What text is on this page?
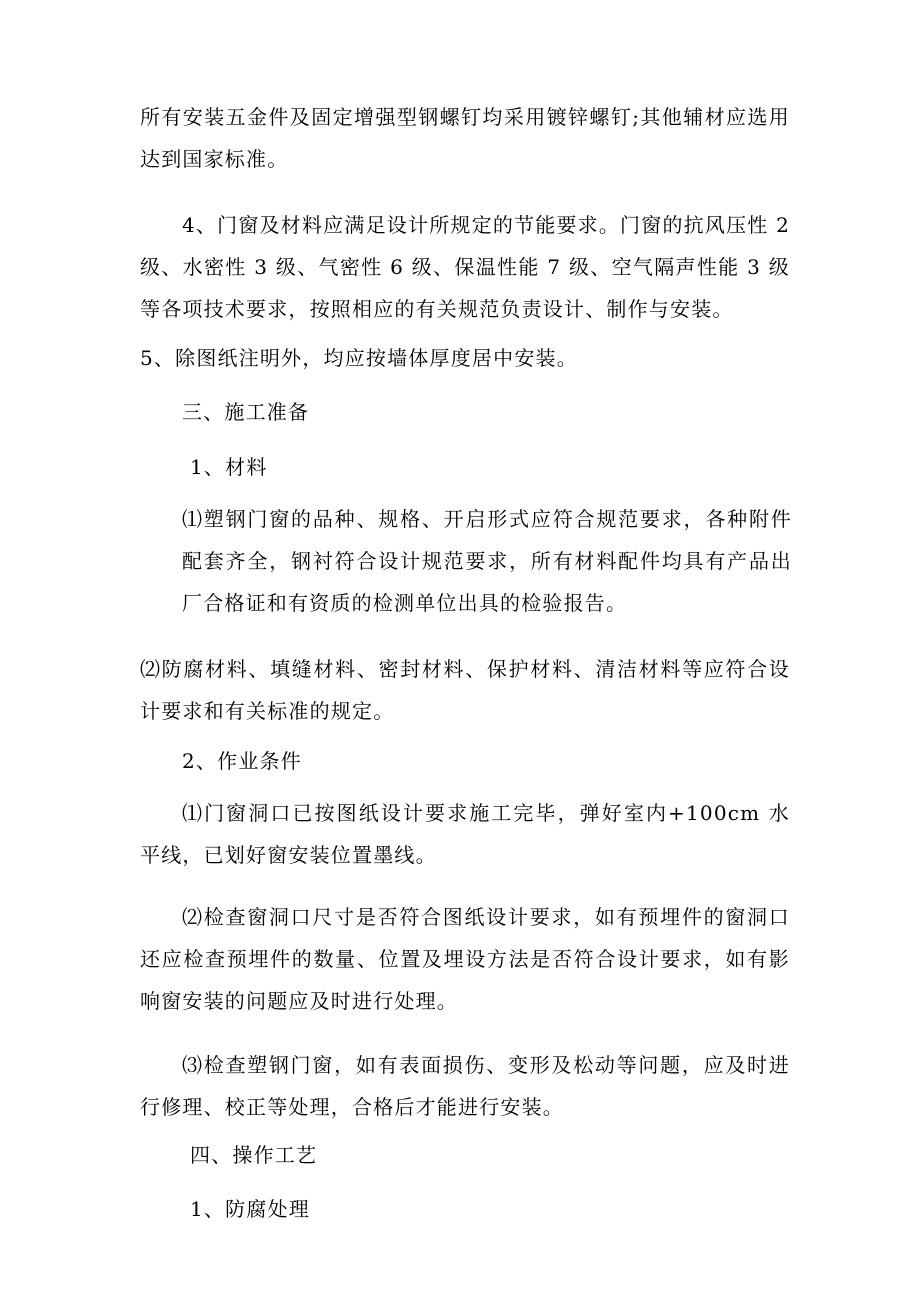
所有安装五金件及固定增强型钢螺钉均采用镀锌螺钉;其他辅材应选用达到国家标准。
4、门窗及材料应满足设计所规定的节能要求。门窗的抗风压性 2 级、水密性 3 级、气密性 6 级、保温性能 7 级、空气隔声性能 3 级等各项技术要求，按照相应的有关规范负责设计、制作与安装。
5、除图纸注明外，均应按墙体厚度居中安装。
三、施工准备
1、材料
⑴塑钢门窗的品种、规格、开启形式应符合规范要求，各种附件配套齐全，钢衬符合设计规范要求，所有材料配件均具有产品出厂合格证和有资质的检测单位出具的检验报告。
⑵防腐材料、填缝材料、密封材料、保护材料、清洁材料等应符合设计要求和有关标准的规定。
2、作业条件
⑴门窗洞口已按图纸设计要求施工完毕，弹好室内+100cm 水平线，已划好窗安装位置墨线。
⑵检查窗洞口尺寸是否符合图纸设计要求，如有预埋件的窗洞口还应检查预埋件的数量、位置及埋设方法是否符合设计要求，如有影响窗安装的问题应及时进行处理。
⑶检查塑钢门窗，如有表面损伤、变形及松动等问题，应及时进行修理、校正等处理，合格后才能进行安装。
四、操作工艺
1、防腐处理
